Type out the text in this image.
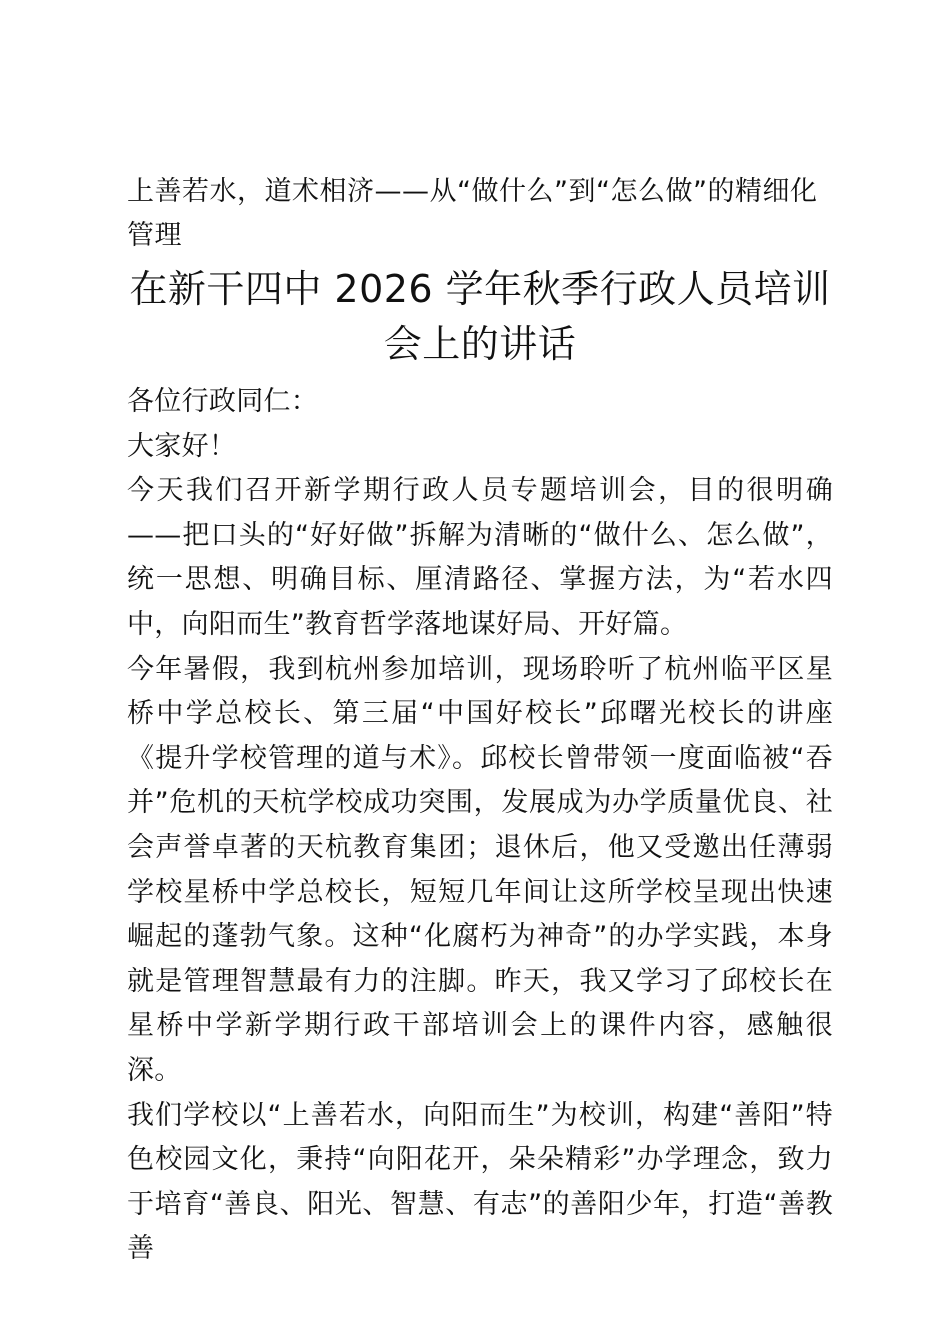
上善若水，道术相济——从“做什么”到“怎么做”的精细化管理

在新干四中 2026 学年秋季行政人员培训会上的讲话

各位行政同仁：

大家好！

今天我们召开新学期行政人员专题培训会，目的很明确——把口头的“好好做”拆解为清晰的“做什么、怎么做”，统一思想、明确目标、厘清路径、掌握方法，为“若水四中，向阳而生”教育哲学落地谋好局、开好篇。

今年暑假，我到杭州参加培训，现场聆听了杭州临平区星桥中学总校长、第三届“中国好校长”邱曙光校长的讲座《提升学校管理的道与术》。邱校长曾带领一度面临被“吞并”危机的天杭学校成功突围，发展成为办学质量优良、社会声誉卓著的天杭教育集团；退休后，他又受邀出任薄弱学校星桥中学总校长，短短几年间让这所学校呈现出快速崛起的蓬勃气象。这种“化腐朽为神奇”的办学实践，本身就是管理智慧最有力的注脚。昨天，我又学习了邱校长在星桥中学新学期行政干部培训会上的课件内容，感触很深。

我们学校以“上善若水，向阳而生”为校训，构建“善阳”特色校园文化，秉持“向阳花开，朵朵精彩”办学理念，致力于培育“善良、阳光、智慧、有志”的善阳少年，打造“善教善
